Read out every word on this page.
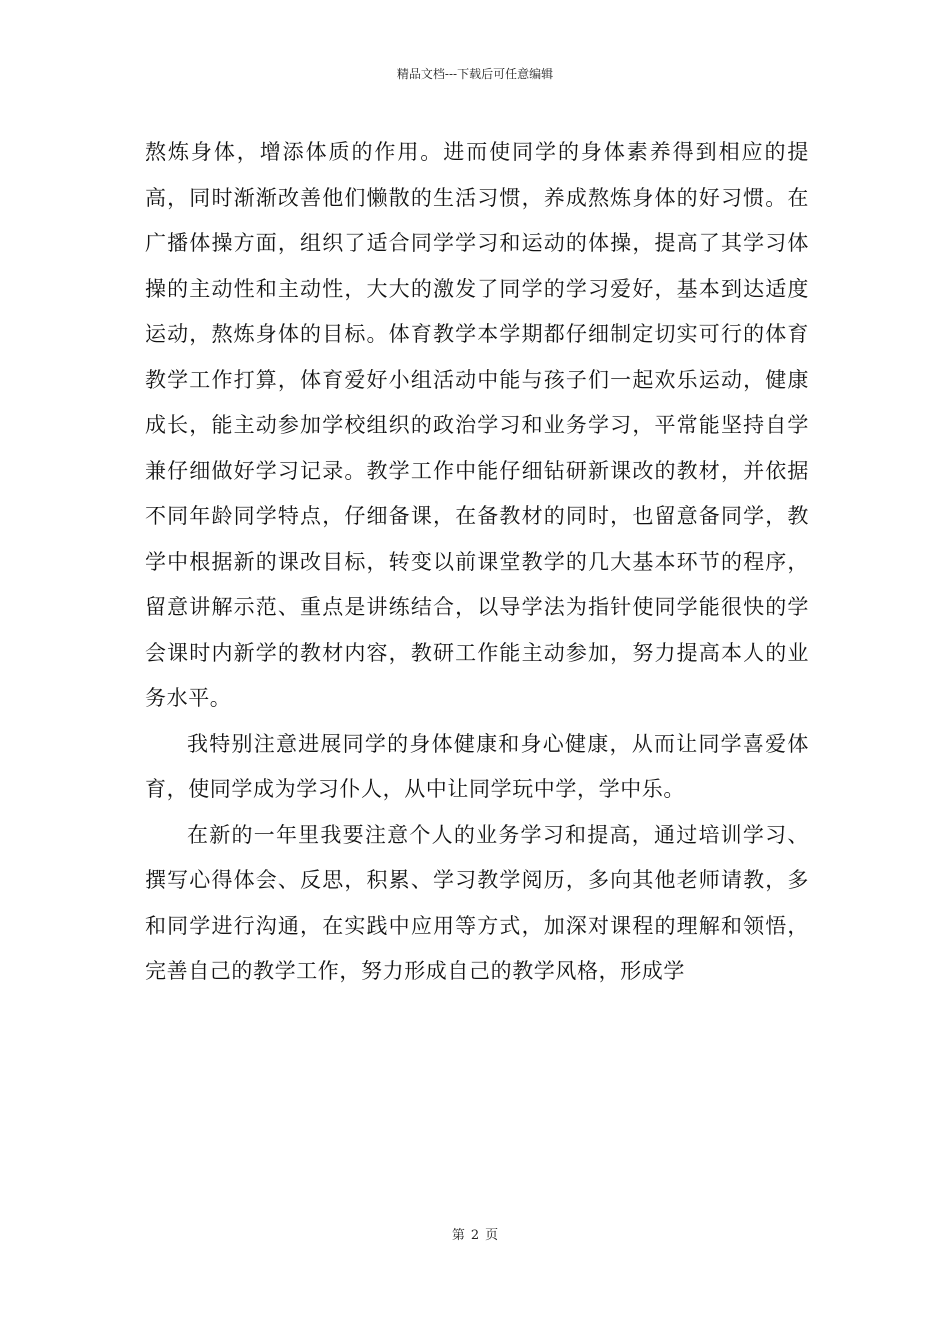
精品文档---下载后可任意编辑

熬炼身体，增添体质的作用。进而使同学的身体素养得到相应的提高，同时渐渐改善他们懒散的生活习惯，养成熬炼身体的好习惯。在广播体操方面，组织了适合同学学习和运动的体操，提高了其学习体操的主动性和主动性，大大的激发了同学的学习爱好，基本到达适度运动，熬炼身体的目标。体育教学本学期都仔细制定切实可行的体育教学工作打算，体育爱好小组活动中能与孩子们一起欢乐运动，健康成长，能主动参加学校组织的政治学习和业务学习，平常能坚持自学兼仔细做好学习记录。教学工作中能仔细钻研新课改的教材，并依据不同年龄同学特点，仔细备课，在备教材的同时，也留意备同学，教学中根据新的课改目标，转变以前课堂教学的几大基本环节的程序，留意讲解示范、重点是讲练结合，以导学法为指针使同学能很快的学会课时内新学的教材内容，教研工作能主动参加，努力提高本人的业务水平。

我特别注意进展同学的身体健康和身心健康，从而让同学喜爱体育，使同学成为学习仆人，从中让同学玩中学，学中乐。

在新的一年里我要注意个人的业务学习和提高，通过培训学习、撰写心得体会、反思，积累、学习教学阅历，多向其他老师请教，多和同学进行沟通，在实践中应用等方式，加深对课程的理解和领悟，完善自己的教学工作，努力形成自己的教学风格，形成学

第 2 页
